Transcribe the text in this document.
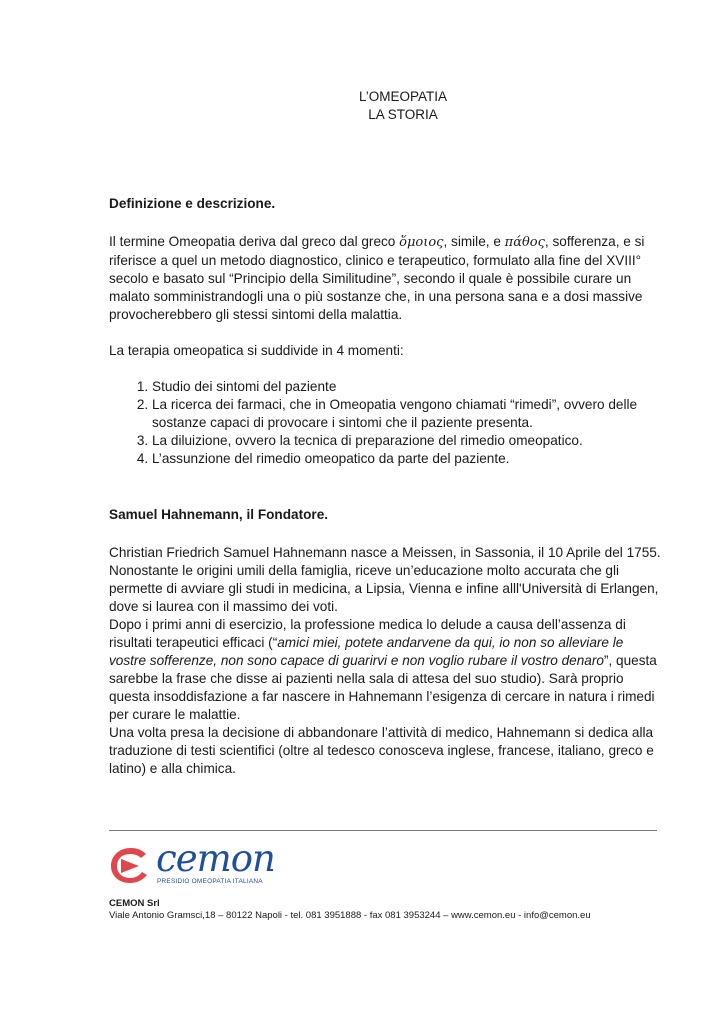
L’OMEOPATIA
LA STORIA

Definizione e descrizione.

Il termine Omeopatia deriva dal greco dal greco ὅμοιος, simile, e πάθος, sofferenza, e si riferisce a quel un metodo diagnostico, clinico e terapeutico, formulato alla fine del XVIII° secolo e basato sul “Principio della Similitudine”, secondo il quale è possibile curare un malato somministrandogli una o più sostanze che, in una persona sana e a dosi massive provocherebbero gli stessi sintomi della malattia.

La terapia omeopatica si suddivide in 4 momenti:

1. Studio dei sintomi del paziente
2. La ricerca dei farmaci, che in Omeopatia vengono chiamati “rimedi”, ovvero delle sostanze capaci di provocare i sintomi che il paziente presenta.
3. La diluizione, ovvero la tecnica di preparazione del rimedio omeopatico.
4. L’assunzione del rimedio omeopatico da parte del paziente.

Samuel Hahnemann, il Fondatore.

Christian Friedrich Samuel Hahnemann nasce a Meissen, in Sassonia, il 10 Aprile del 1755. Nonostante le origini umili della famiglia, riceve un’educazione molto accurata che gli permette di avviare gli studi in medicina, a Lipsia, Vienna e infine alll'Università di Erlangen, dove si laurea con il massimo dei voti.

Dopo i primi anni di esercizio, la professione medica lo delude a causa dell’assenza di risultati terapeutici efficaci (“amici miei, potete andarvene da qui, io non so alleviare le vostre sofferenze, non sono capace di guarirvi e non voglio rubare il vostro denaro”, questa sarebbe la frase che disse ai pazienti nella sala di attesa del suo studio). Sarà proprio questa insoddisfazione a far nascere in Hahnemann l’esigenza di cercare in natura i rimedi per curare le malattie.

Una volta presa la decisione di abbandonare l’attività di medico, Hahnemann si dedica alla traduzione di testi scientifici (oltre al tedesco conosceva inglese, francese, italiano, greco e latino) e alla chimica.

cemon
PRESIDIO OMEOPATIA ITALIANA
CEMON Srl
Viale Antonio Gramsci,18 – 80122 Napoli - tel. 081 3951888 - fax 081 3953244 – www.cemon.eu - info@cemon.eu
